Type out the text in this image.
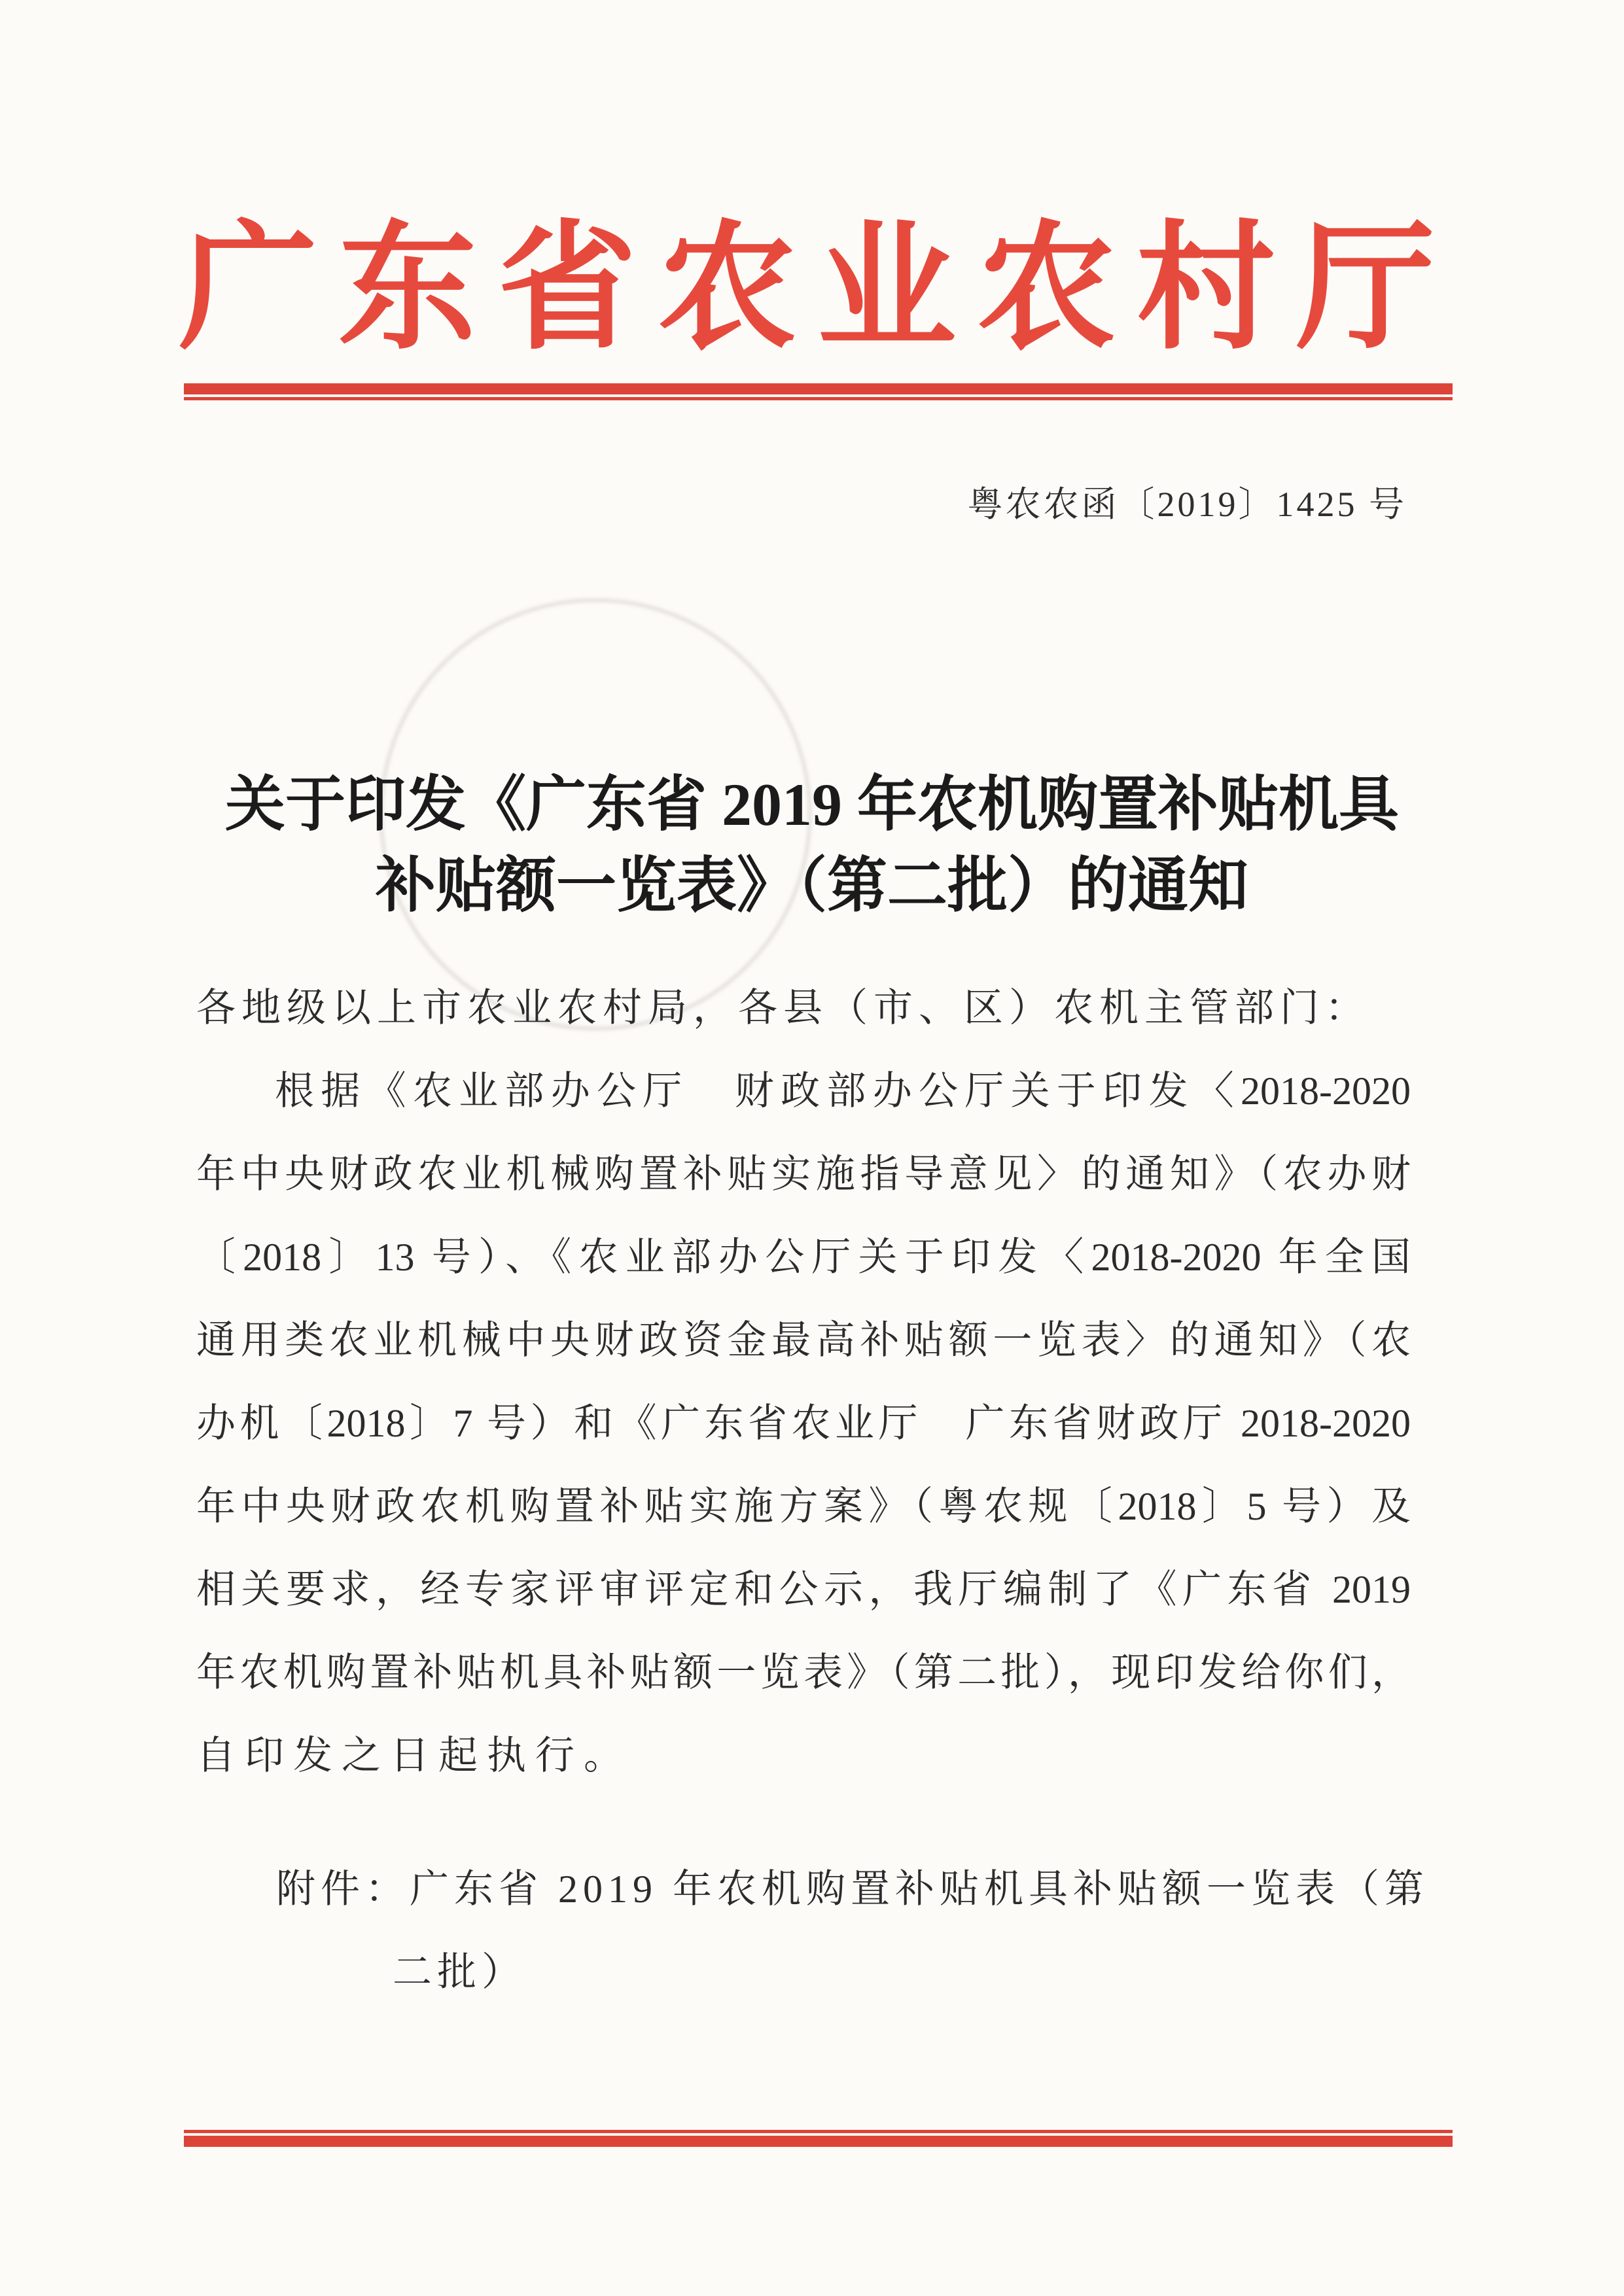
广东省农业农村厅
粤农农函〔2019〕1425 号
关于印发《广东省 2019 年农机购置补贴机具
补贴额一览表》（第二批）的通知

各地级以上市农业农村局，各县（市、区）农机主管部门：

根据《农业部办公厅　财政部办公厅关于印发〈2018-2020

年中央财政农业机械购置补贴实施指导意见〉的通知》（农办财

〔2018〕13 号）、《农业部办公厅关于印发〈2018-2020 年全国

通用类农业机械中央财政资金最高补贴额一览表〉的通知》（农

办机〔2018〕7 号）和《广东省农业厅　广东省财政厅 2018-2020

年中央财政农机购置补贴实施方案》（粤农规〔2018〕5 号）及

相关要求，经专家评审评定和公示，我厅编制了《广东省 2019

年农机购置补贴机具补贴额一览表》（第二批），现印发给你们，

自印发之日起执行。

附件：广东省 2019 年农机购置补贴机具补贴额一览表（第

二批）
